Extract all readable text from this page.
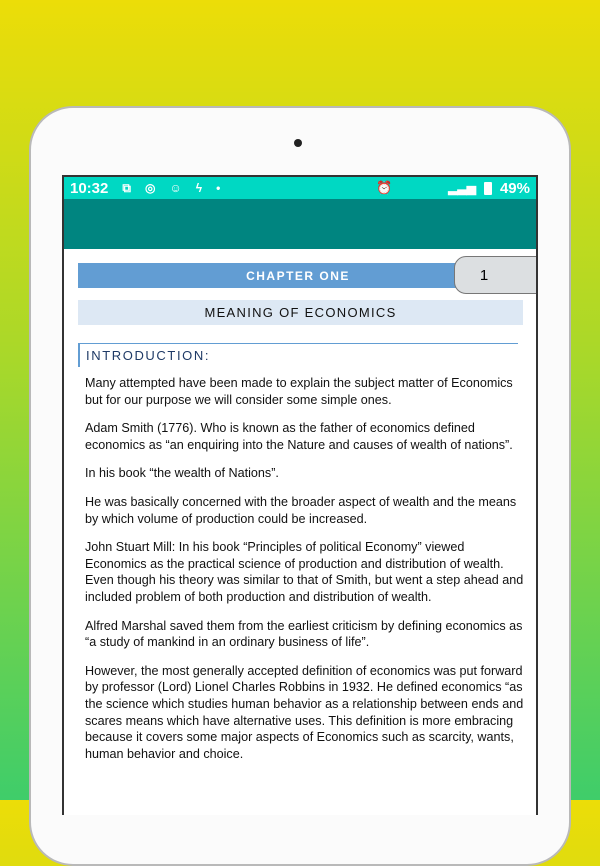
10:32 ⧉ ◎ ☺ ϟ •	⏰	▂▃▅ 49%
CHAPTER ONE	1
MEANING OF ECONOMICS
INTRODUCTION:

Many attempted have been made to explain the subject matter of Economics but for our purpose we will consider some simple ones.

Adam Smith (1776). Who is known as the father of economics defined economics as “an enquiring into the Nature and causes of wealth of nations”.

In his book “the wealth of Nations”.

He was basically concerned with the broader aspect of wealth and the means by which volume of production could be increased.

John Stuart Mill: In his book “Principles of political Economy” viewed Economics as the practical science of production and distribution of wealth. Even though his theory was similar to that of Smith, but went a step ahead and included problem of both production and distribution of wealth.

Alfred Marshal saved them from the earliest criticism by defining economics as “a study of mankind in an ordinary business of life”.

However, the most generally accepted definition of economics was put forward by professor (Lord) Lionel Charles Robbins in 1932. He defined economics “as the science which studies human behavior as a relationship between ends and scares means which have alternative uses. This definition is more embracing because it covers some major aspects of Economics such as scarcity, wants, human behavior and choice.
